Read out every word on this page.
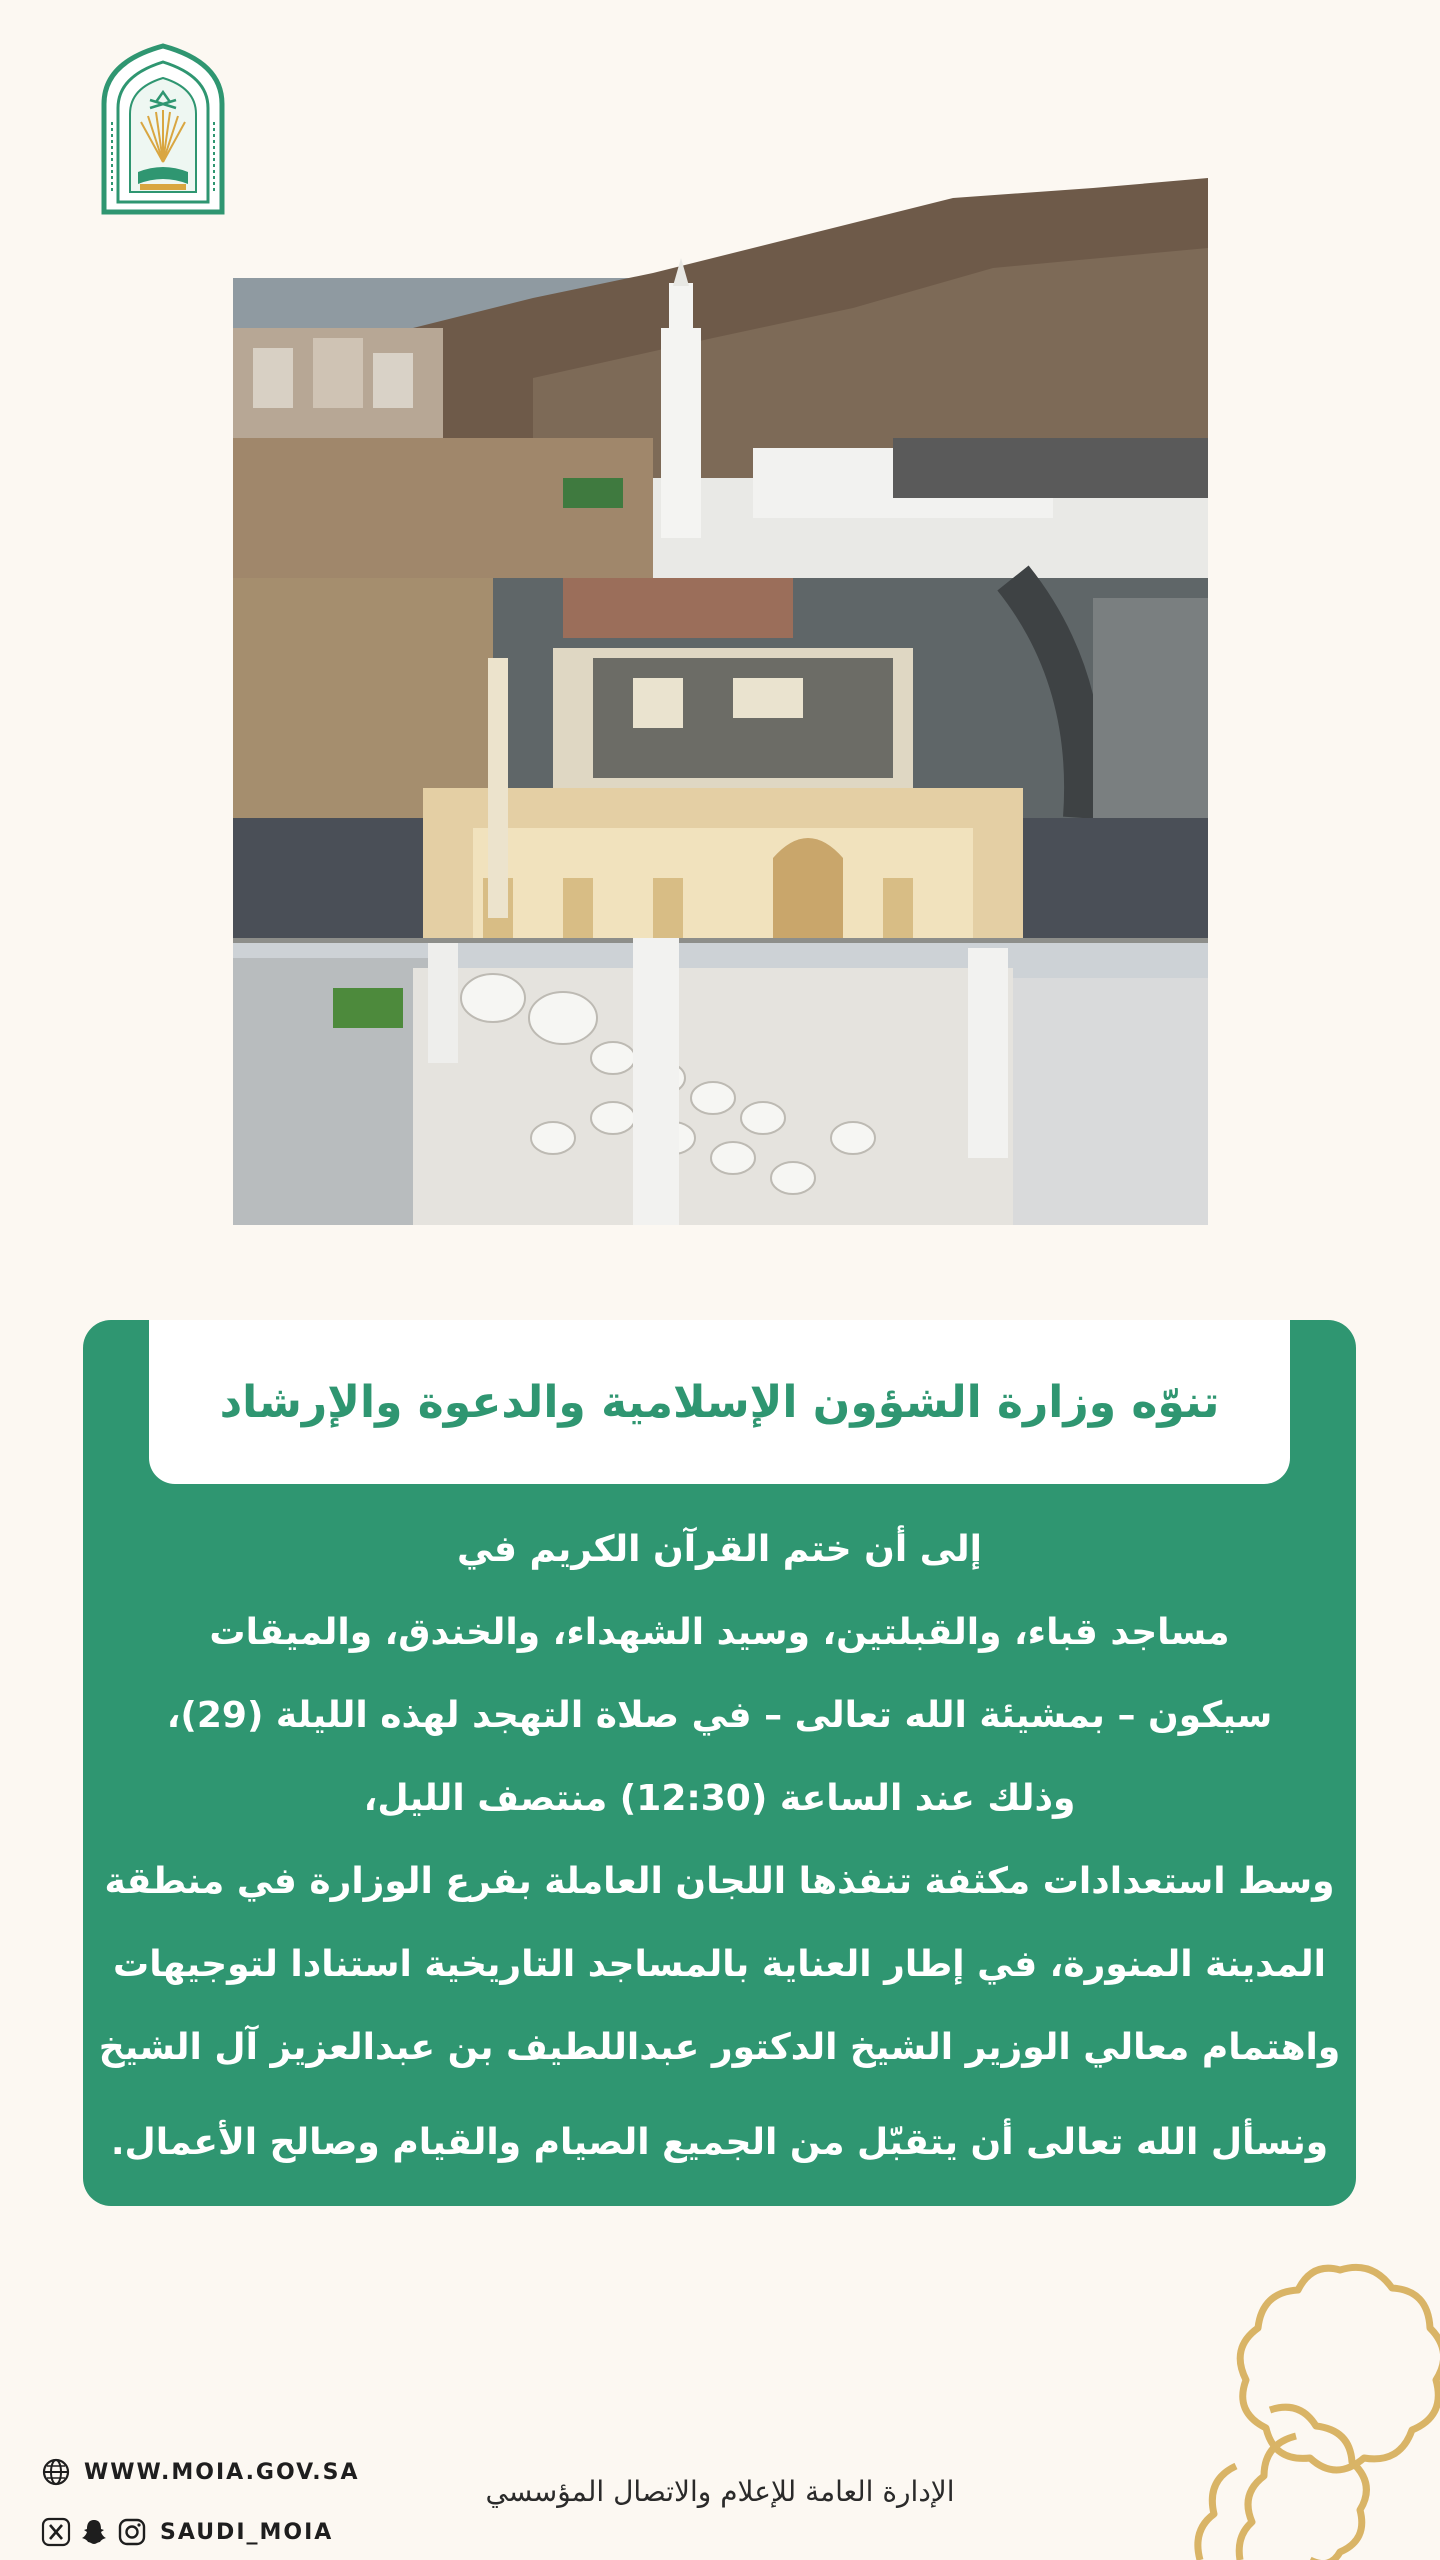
تنوّه وزارة الشؤون الإسلامية والدعوة والإرشاد
إلى أن ختم القرآن الكريم في
مساجد قباء، والقبلتين، وسيد الشهداء، والخندق، والميقات
سيكون – بمشيئة الله تعالى – في صلاة التهجد لهذه الليلة (29)،
وذلك عند الساعة (12:30) منتصف الليل،
وسط استعدادات مكثفة تنفذها اللجان العاملة بفرع الوزارة في منطقة
المدينة المنورة، في إطار العناية بالمساجد التاريخية استنادا لتوجيهات
واهتمام معالي الوزير الشيخ الدكتور عبداللطيف بن عبدالعزيز آل الشيخ
ونسأل الله تعالى أن يتقبّل من الجميع الصيام والقيام وصالح الأعمال.
WWW.MOIA.GOV.SA
SAUDI_MOIA
الإدارة العامة للإعلام والاتصال المؤسسي
